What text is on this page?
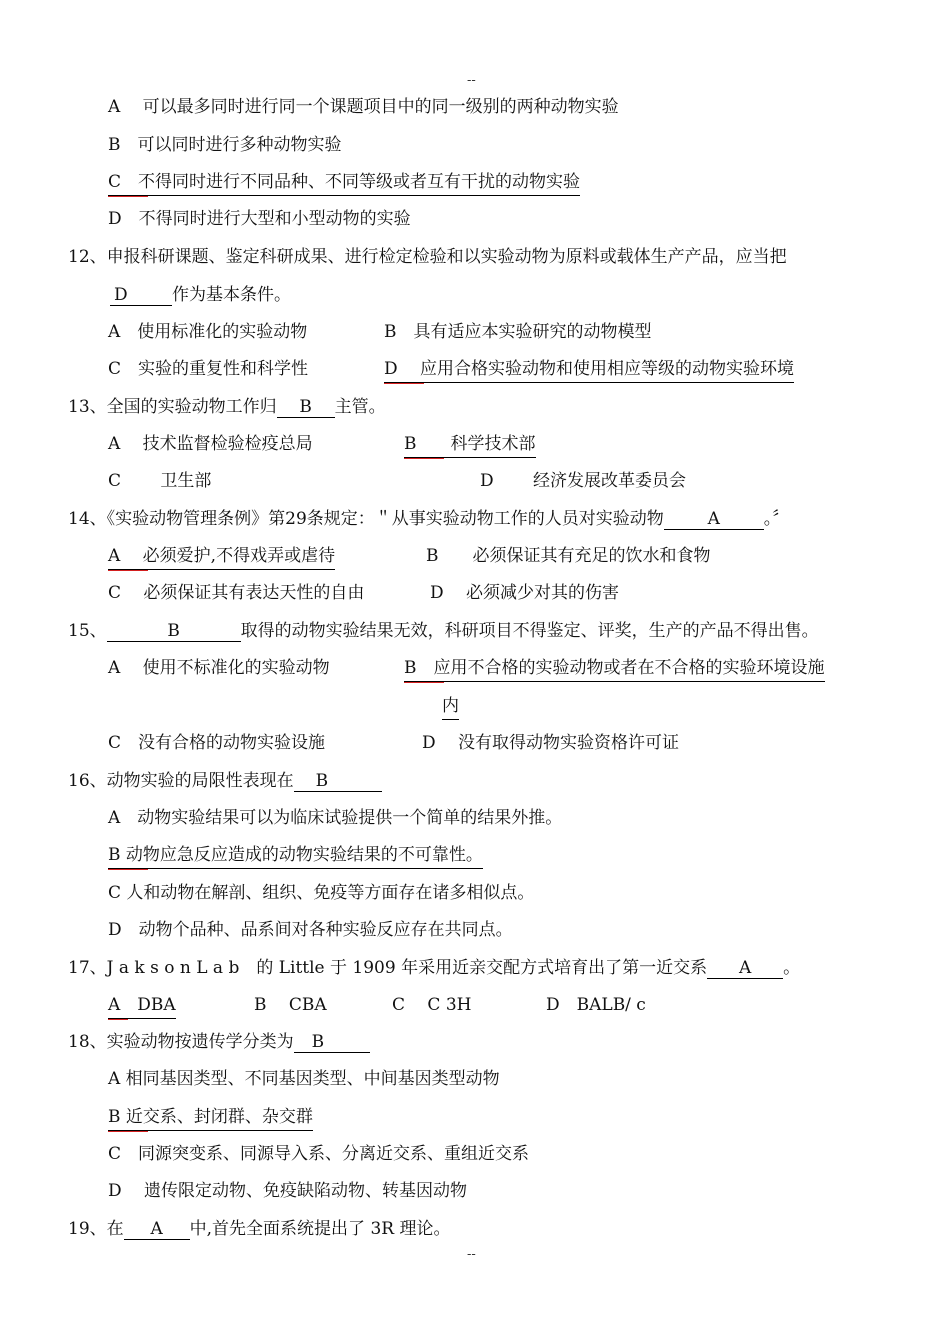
--
A　 可以最多同时进行同一个课题项目中的同一级别的两种动物实验
B　可以同时进行多种动物实验
C　不得同时进行不同品种、不同等级或者互有干扰的动物实验
D　不得同时进行大型和小型动物的实验
12、申报科研课题、鉴定科研成果、进行检定检验和以实验动物为原料或载体生产产品，应当把
D	作为基本条件。
A　使用标准化的实验动物	B　具有适应本实验研究的动物模型
C　实验的重复性和科学性	D　 应用合格实验动物和使用相应等级的动物实验环境
13、全国的实验动物工作归 B 主管。
A　 技术监督检验检疫总局	B　　科学技术部
C　　 卫生部	D　　 经济发展改革委员会
14、《实验动物管理条例》第29条规定：＂从事实验动物工作的人员对实验动物	A	。〞
A　 必须爱护,不得戏弄或虐待	B　　必须保证其有充足的饮水和食物
C　 必须保证其有表达天性的自由	D　 必须减少对其的伤害
15、	B	取得的动物实验结果无效，科研项目不得鉴定、评奖，生产的产品不得出售。
A　 使用不标准化的实验动物	B　应用不合格的实验动物或者在不合格的实验环境设施
内
C　没有合格的动物实验设施	D　 没有取得动物实验资格许可证
16、动物实验的局限性表现在 B
A　动物实验结果可以为临床试验提供一个简单的结果外推。
B 动物应急反应造成的动物实验结果的不可靠性。
C 人和动物在解剖、组织、免疫等方面存在诸多相似点。
D　动物个品种、品系间对各种实验反应存在共同点。
17、J a k s o n L a b　的 Little 于 1909 年采用近亲交配方式培育出了第一近交系 A 。
A　DBA	B　 CBA	C　 C 3H	D　BALB/ c
18、实验动物按遗传学分类为 B
A 相同基因类型、不同基因类型、中间基因类型动物
B 近交系、封闭群、杂交群
C　同源突变系、同源导入系、分离近交系、重组近交系
D　 遗传限定动物、免疫缺陷动物、转基因动物
19、在 A 中,首先全面系统提出了 3R 理论。
--
